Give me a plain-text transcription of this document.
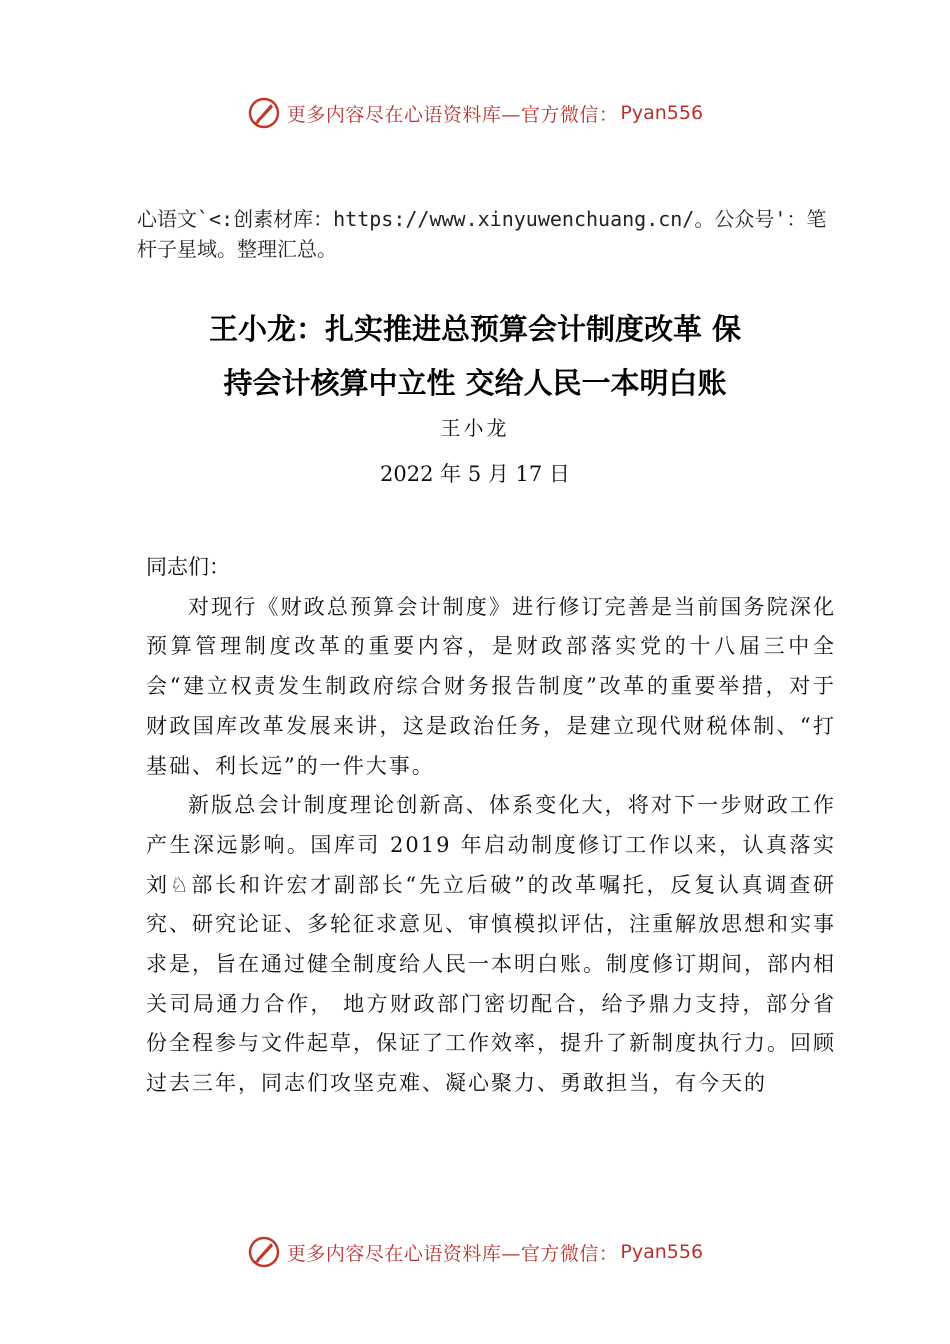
更多内容尽在心语资料库—官方微信： Pyan556
心语文`<:创素材库：https://www.xinyuwenchuang.cn/。公众号'：笔杆子星域。整理汇总。
王小龙：扎实推进总预算会计制度改革 保
持会计核算中立性 交给人民一本明白账
王小龙
2022 年 5 月 17 日

同志们：

对现行《财政总预算会计制度》进行修订完善是当前国务院深化预算管理制度改革的重要内容，是财政部落实党的十八届三中全会“建立权责发生制政府综合财务报告制度”改革的重要举措，对于财政国库改革发展来讲，这是政治任务，是建立现代财税体制、“打基础、利长远”的一件大事。

新版总会计制度理论创新高、体系变化大，将对下一步财政工作产生深远影响。国库司 2019 年启动制度修订工作以来，认真落实刘♘部长和许宏才副部长“先立后破”的改革嘱托，反复认真调查研究、研究论证、多轮征求意见、审慎模拟评估，注重解放思想和实事求是，旨在通过健全制度给人民一本明白账。制度修订期间，部内相关司局通力合作， 地方财政部门密切配合，给予鼎力支持，部分省份全程参与文件起草，保证了工作效率，提升了新制度执行力。回顾过去三年，同志们攻坚克难、凝心聚力、勇敢担当，有今天的

更多内容尽在心语资料库—官方微信： Pyan556
